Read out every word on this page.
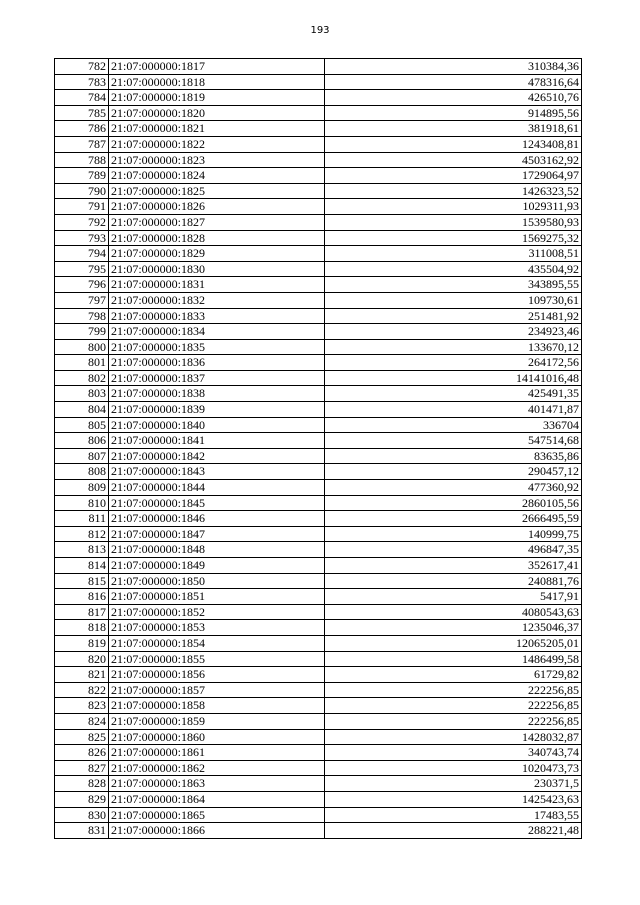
193
782	21:07:000000:1817	310384,36
783	21:07:000000:1818	478316,64
784	21:07:000000:1819	426510,76
785	21:07:000000:1820	914895,56
786	21:07:000000:1821	381918,61
787	21:07:000000:1822	1243408,81
788	21:07:000000:1823	4503162,92
789	21:07:000000:1824	1729064,97
790	21:07:000000:1825	1426323,52
791	21:07:000000:1826	1029311,93
792	21:07:000000:1827	1539580,93
793	21:07:000000:1828	1569275,32
794	21:07:000000:1829	311008,51
795	21:07:000000:1830	435504,92
796	21:07:000000:1831	343895,55
797	21:07:000000:1832	109730,61
798	21:07:000000:1833	251481,92
799	21:07:000000:1834	234923,46
800	21:07:000000:1835	133670,12
801	21:07:000000:1836	264172,56
802	21:07:000000:1837	14141016,48
803	21:07:000000:1838	425491,35
804	21:07:000000:1839	401471,87
805	21:07:000000:1840	336704
806	21:07:000000:1841	547514,68
807	21:07:000000:1842	83635,86
808	21:07:000000:1843	290457,12
809	21:07:000000:1844	477360,92
810	21:07:000000:1845	2860105,56
811	21:07:000000:1846	2666495,59
812	21:07:000000:1847	140999,75
813	21:07:000000:1848	496847,35
814	21:07:000000:1849	352617,41
815	21:07:000000:1850	240881,76
816	21:07:000000:1851	5417,91
817	21:07:000000:1852	4080543,63
818	21:07:000000:1853	1235046,37
819	21:07:000000:1854	12065205,01
820	21:07:000000:1855	1486499,58
821	21:07:000000:1856	61729,82
822	21:07:000000:1857	222256,85
823	21:07:000000:1858	222256,85
824	21:07:000000:1859	222256,85
825	21:07:000000:1860	1428032,87
826	21:07:000000:1861	340743,74
827	21:07:000000:1862	1020473,73
828	21:07:000000:1863	230371,5
829	21:07:000000:1864	1425423,63
830	21:07:000000:1865	17483,55
831	21:07:000000:1866	288221,48
